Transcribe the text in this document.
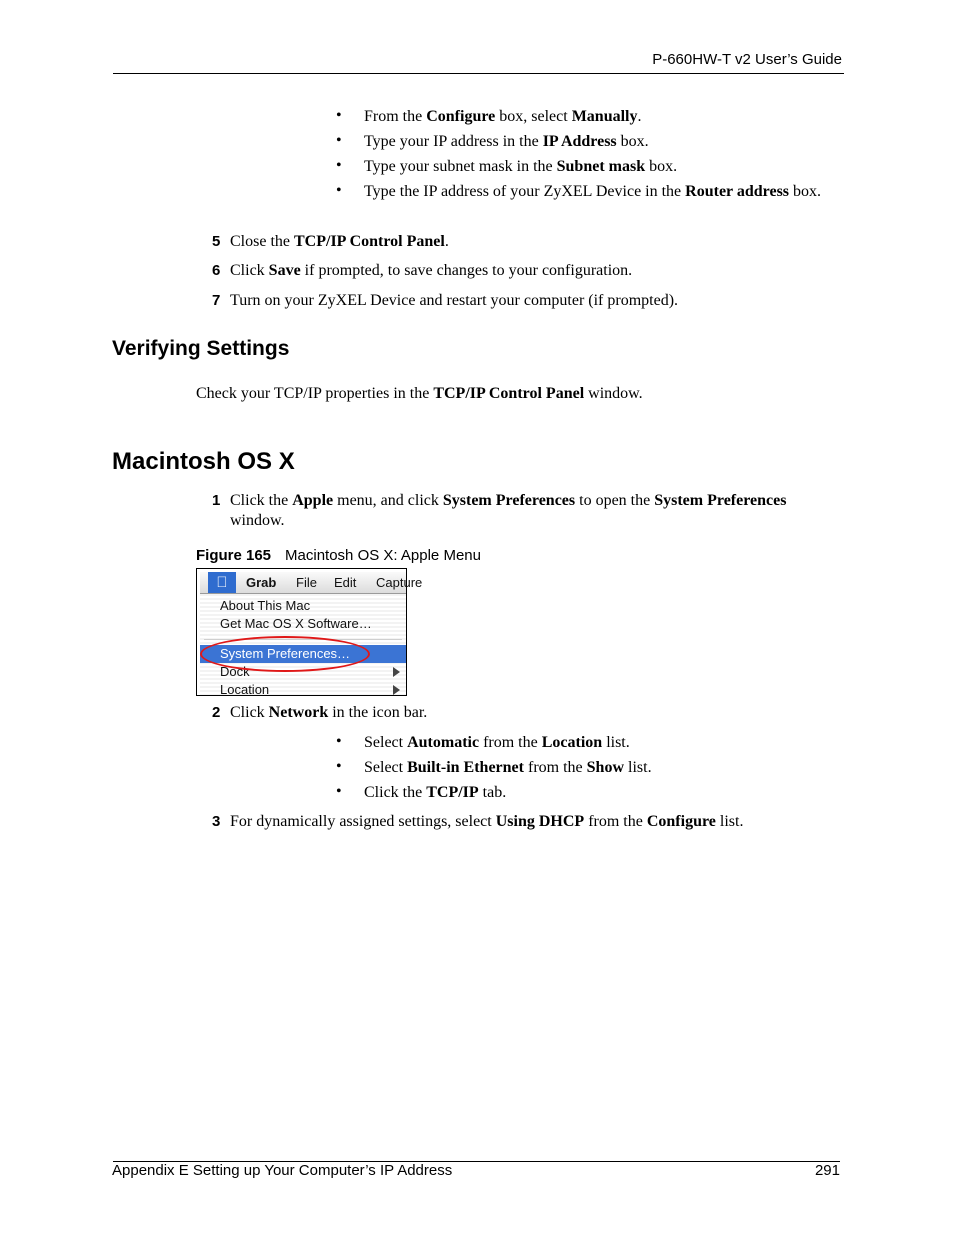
P-660HW-T v2 User’s Guide
• From the Configure box, select Manually.
• Type your IP address in the IP Address box.
• Type your subnet mask in the Subnet mask box.
• Type the IP address of your ZyXEL Device in the Router address box.
5 Close the TCP/IP Control Panel.
6 Click Save if prompted, to save changes to your configuration.
7 Turn on your ZyXEL Device and restart your computer (if prompted).
Verifying Settings
Check your TCP/IP properties in the TCP/IP Control Panel window.
Macintosh OS X
1 Click the Apple menu, and click System Preferences to open the System Preferences window.
Figure 165 Macintosh OS X: Apple Menu
Grab File Edit Capture
About This Mac
Get Mac OS X Software…
System Preferences…
Dock
Location
2 Click Network in the icon bar.
• Select Automatic from the Location list.
• Select Built-in Ethernet from the Show list.
• Click the TCP/IP tab.
3 For dynamically assigned settings, select Using DHCP from the Configure list.
Appendix E Setting up Your Computer’s IP Address	291
